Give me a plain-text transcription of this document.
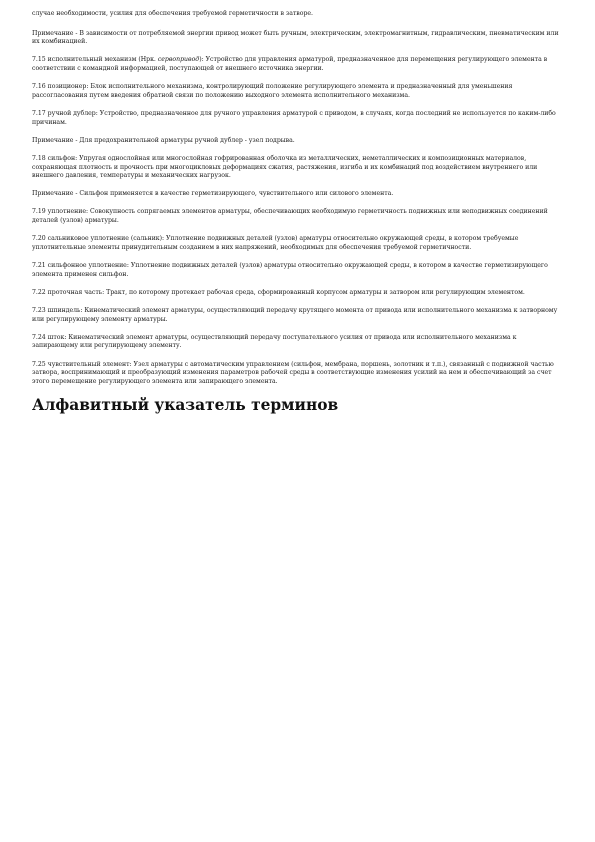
случае необходимости, усилия для обеспечения требуемой герметичности в затворе.

Примечание - В зависимости от потребляемой энергии привод может быть ручным, электрическим, электромагнитным, гидравлическим, пневматическим или их комбинацией.

7.15 исполнительный механизм (Нрк. сервопривод): Устройство для управления арматурой, предназначенное для перемещения регулирующего элемента в соответствии с командной информацией, поступающей от внешнего источника энергии.

7.16 позиционер: Блок исполнительного механизма, контролирующий положение регулирующего элемента и предназначенный для уменьшения рассогласования путем введения обратной связи по положению выходного элемента исполнительного механизма.

7.17 ручной дублер: Устройство, предназначенное для ручного управления арматурой с приводом, в случаях, когда последний не используется по каким-либо причинам.

Примечание - Для предохранительной арматуры ручной дублер - узел подрыва.

7.18 сильфон: Упругая однослойная или многослойная гофрированная оболочка из металлических, неметаллических и композиционных материалов, сохраняющая плотность и прочность при многоцикловых деформациях сжатия, растяжения, изгиба и их комбинаций под воздействием внутреннего или внешнего давления, температуры и механических нагрузок.

Примечание - Сильфон применяется в качестве герметизирующего, чувствительного или силового элемента.

7.19 уплотнение: Совокупность сопрягаемых элементов арматуры, обеспечивающих необходимую герметичность подвижных или неподвижных соединений деталей (узлов) арматуры.

7.20 сальниковое уплотнение (сальник): Уплотнение подвижных деталей (узлов) арматуры относительно окружающей среды, в котором требуемые уплотнительные элементы принудительным созданием в них напряжений, необходимых для обеспечения требуемой герметичности.

7.21 сильфонное уплотнение: Уплотнение подвижных деталей (узлов) арматуры относительно окружающей среды, в котором в качестве герметизирующего элемента применен сильфон.

7.22 проточная часть: Тракт, по которому протекает рабочая среда, сформированный корпусом арматуры и затвором или регулирующим элементом.

7.23 шпиндель: Кинематический элемент арматуры, осуществляющий передачу крутящего момента от привода или исполнительного механизма к затворному или регулирующему элементу арматуры.

7.24 шток: Кинематический элемент арматуры, осуществляющий передачу поступательного усилия от привода или исполнительного механизма к запирающему или регулирующему элементу.

7.25 чувствительный элемент: Узел арматуры с автоматическим управлением (сильфон, мембрана, поршень, золотник и т.п.), связанный с подвижной частью затвора, воспринимающий и преобразующий изменения параметров рабочей среды в соответствующие изменения усилий на нем и обеспечивающий за счет этого перемещение регулирующего элемента или запирающего элемента.

Алфавитный указатель терминов
